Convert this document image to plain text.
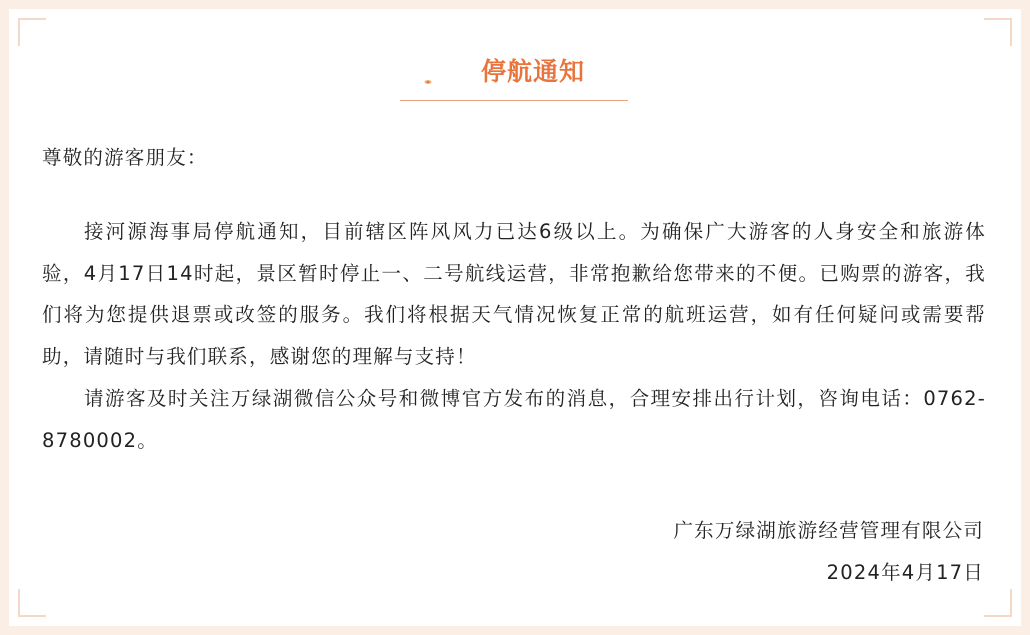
停航通知
尊敬的游客朋友：

接河源海事局停航通知，目前辖区阵风风力已达6级以上。为确保广大游客的人身安全和旅游体验，4月17日14时起，景区暂时停止一、二号航线运营，非常抱歉给您带来的不便。已购票的游客，我们将为您提供退票或改签的服务。我们将根据天气情况恢复正常的航班运营，如有任何疑问或需要帮助，请随时与我们联系，感谢您的理解与支持！

请游客及时关注万绿湖微信公众号和微博官方发布的消息，合理安排出行计划，咨询电话：0762-8780002。

广东万绿湖旅游经营管理有限公司
2024年4月17日
